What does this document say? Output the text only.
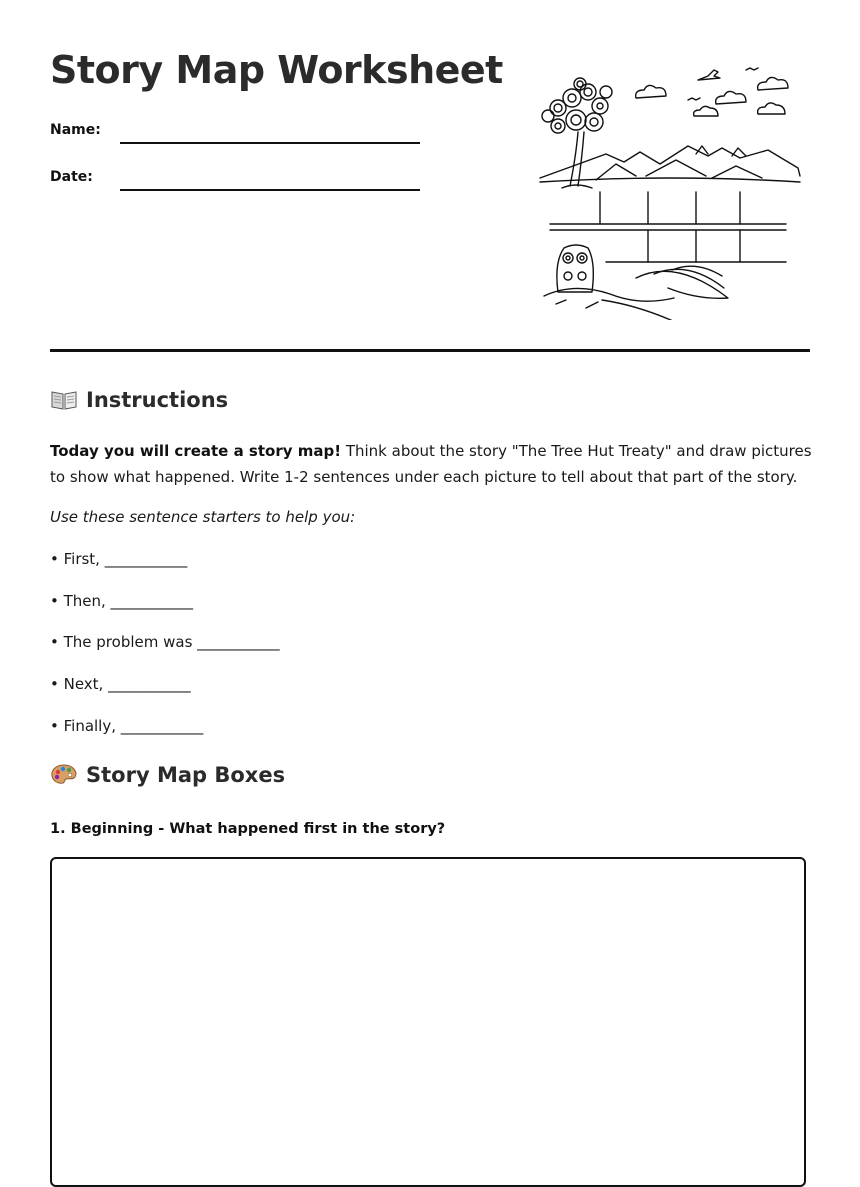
Story Map Worksheet
Name:
Date:
Instructions

Today you will create a story map! Think about the story "The Tree Hut Treaty" and draw pictures to show what happened. Write 1-2 sentences under each picture to tell about that part of the story.

Use these sentence starters to help you:

• First, ___________

• Then, ___________

• The problem was ___________

• Next, ___________

• Finally, ___________

Story Map Boxes

1. Beginning - What happened first in the story?
